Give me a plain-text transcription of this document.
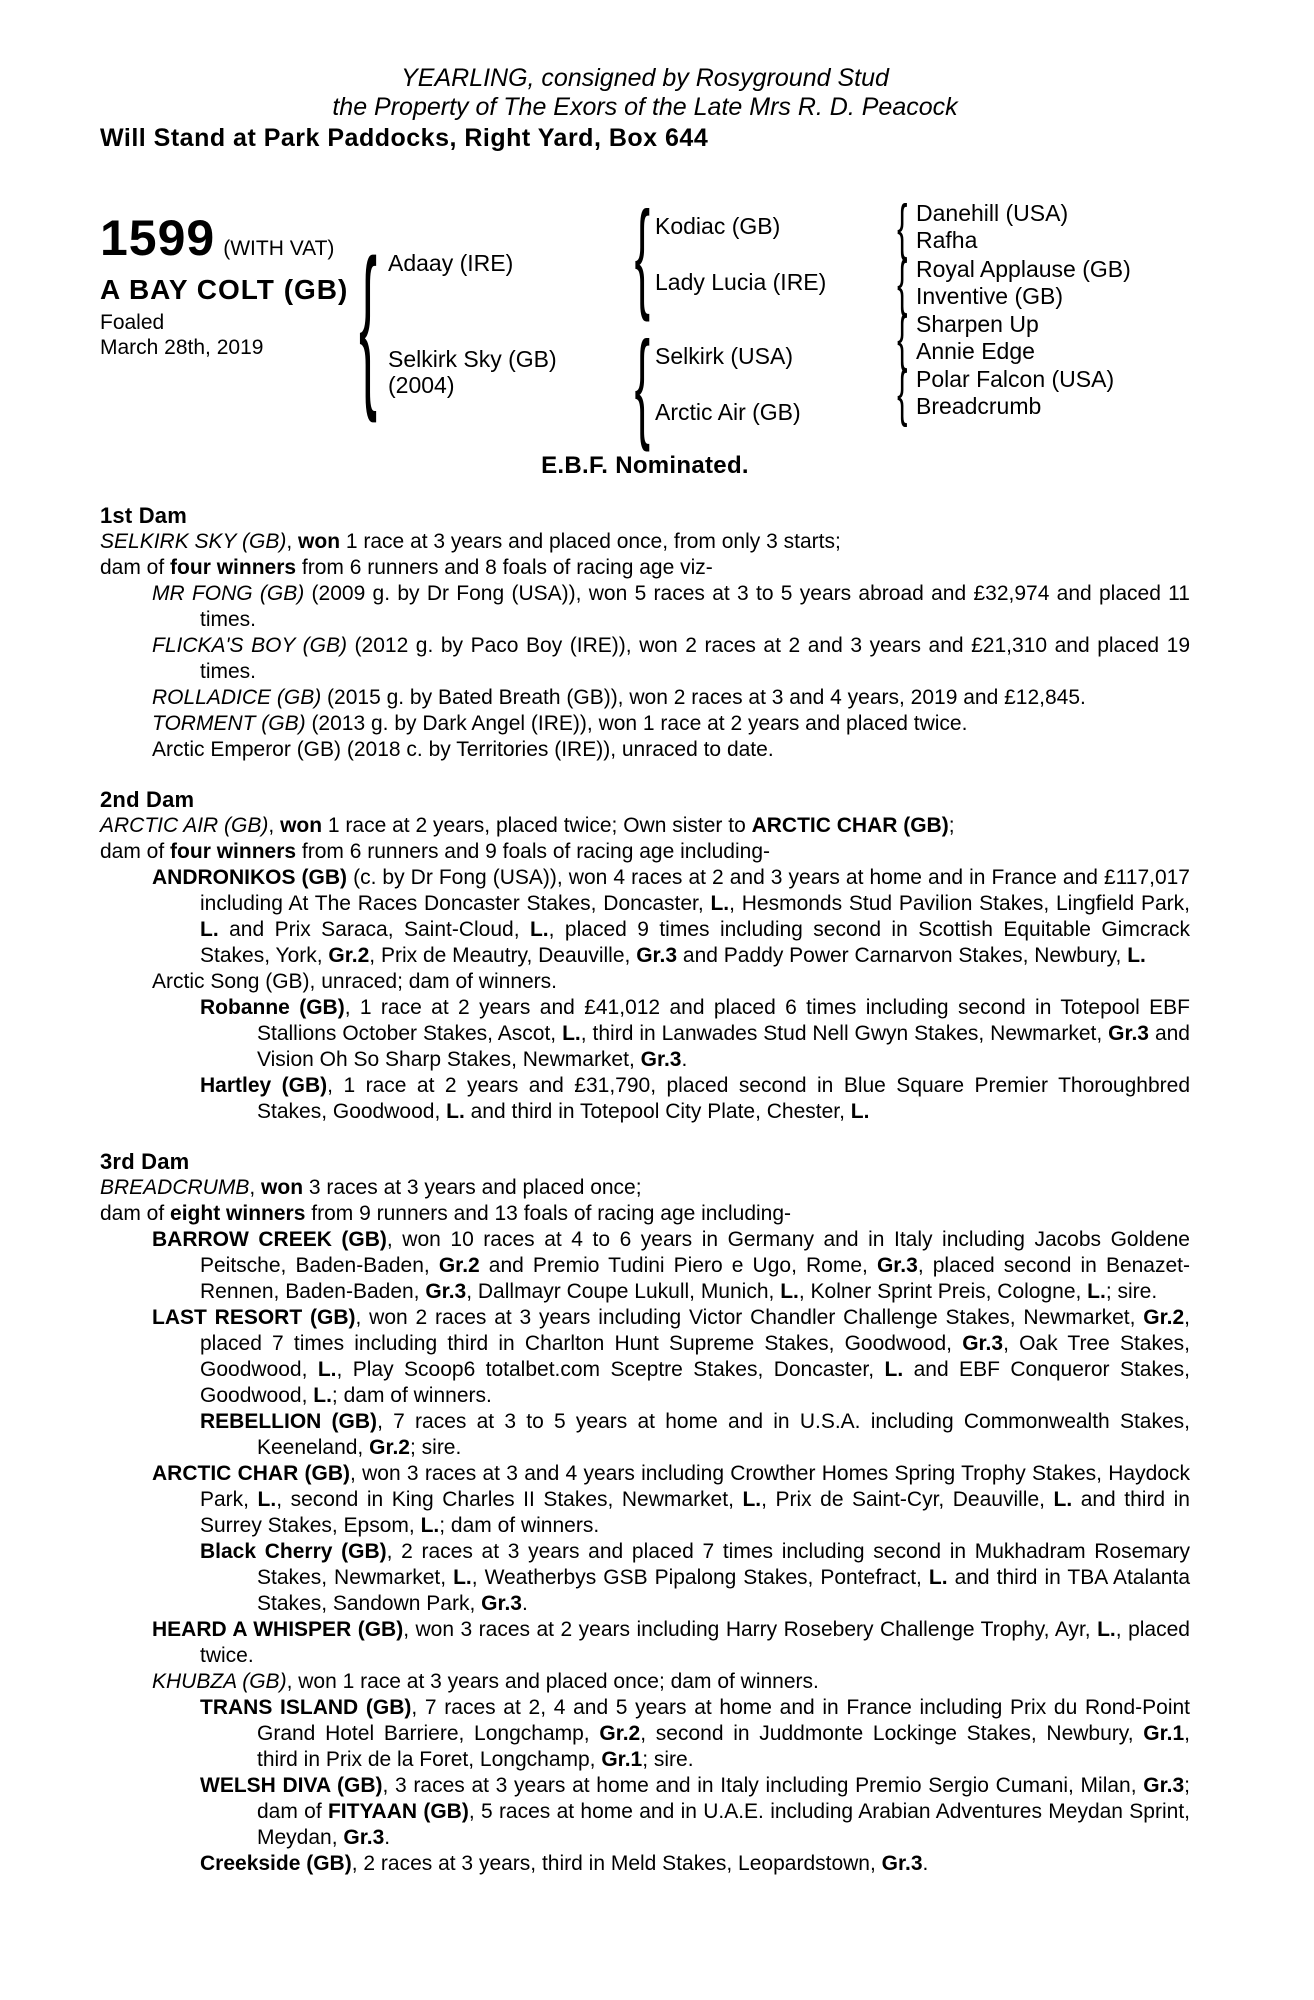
YEARLING, consigned by Rosyground Stud
the Property of The Exors of the Late Mrs R. D. Peacock
Will Stand at Park Paddocks, Right Yard, Box 644
1599 (WITH VAT)
A BAY COLT (GB)
Foaled
March 28th, 2019 { Adaay (IRE)
Selkirk Sky (GB)
(2004)
{ Kodiac (GB)
Lady Lucia (IRE)
{ Selkirk (USA)
Arctic Air (GB)
{ Danehill (USA)
Rafha
{ Royal Applause (GB)
Inventive (GB)
{ Sharpen Up
Annie Edge
{ Polar Falcon (USA)
Breadcrumb
E.B.F. Nominated.
1st Dam

SELKIRK SKY (GB), won 1 race at 3 years and placed once, from only 3 starts;

dam of four winners from 6 runners and 8 foals of racing age viz-

MR FONG (GB) (2009 g. by Dr Fong (USA)), won 5 races at 3 to 5 years abroad and £32,974 and placed 11 times.

FLICKA'S BOY (GB) (2012 g. by Paco Boy (IRE)), won 2 races at 2 and 3 years and £21,310 and placed 19 times.

ROLLADICE (GB) (2015 g. by Bated Breath (GB)), won 2 races at 3 and 4 years, 2019 and £12,845.

TORMENT (GB) (2013 g. by Dark Angel (IRE)), won 1 race at 2 years and placed twice.

Arctic Emperor (GB) (2018 c. by Territories (IRE)), unraced to date.

2nd Dam

ARCTIC AIR (GB), won 1 race at 2 years, placed twice; Own sister to ARCTIC CHAR (GB);

dam of four winners from 6 runners and 9 foals of racing age including-

ANDRONIKOS (GB) (c. by Dr Fong (USA)), won 4 races at 2 and 3 years at home and in France and £117,017 including At The Races Doncaster Stakes, Doncaster, L., Hesmonds Stud Pavilion Stakes, Lingfield Park, L. and Prix Saraca, Saint-Cloud, L., placed 9 times including second in Scottish Equitable Gimcrack Stakes, York, Gr.2, Prix de Meautry, Deauville, Gr.3 and Paddy Power Carnarvon Stakes, Newbury, L.

Arctic Song (GB), unraced; dam of winners.

Robanne (GB), 1 race at 2 years and £41,012 and placed 6 times including second in Totepool EBF Stallions October Stakes, Ascot, L., third in Lanwades Stud Nell Gwyn Stakes, Newmarket, Gr.3 and Vision Oh So Sharp Stakes, Newmarket, Gr.3.

Hartley (GB), 1 race at 2 years and £31,790, placed second in Blue Square Premier Thoroughbred Stakes, Goodwood, L. and third in Totepool City Plate, Chester, L.

3rd Dam

BREADCRUMB, won 3 races at 3 years and placed once;

dam of eight winners from 9 runners and 13 foals of racing age including-

BARROW CREEK (GB), won 10 races at 4 to 6 years in Germany and in Italy including Jacobs Goldene Peitsche, Baden-Baden, Gr.2 and Premio Tudini Piero e Ugo, Rome, Gr.3, placed second in Benazet-Rennen, Baden-Baden, Gr.3, Dallmayr Coupe Lukull, Munich, L., Kolner Sprint Preis, Cologne, L.; sire.

LAST RESORT (GB), won 2 races at 3 years including Victor Chandler Challenge Stakes, Newmarket, Gr.2, placed 7 times including third in Charlton Hunt Supreme Stakes, Goodwood, Gr.3, Oak Tree Stakes, Goodwood, L., Play Scoop6 totalbet.com Sceptre Stakes, Doncaster, L. and EBF Conqueror Stakes, Goodwood, L.; dam of winners.

REBELLION (GB), 7 races at 3 to 5 years at home and in U.S.A. including Commonwealth Stakes, Keeneland, Gr.2; sire.

ARCTIC CHAR (GB), won 3 races at 3 and 4 years including Crowther Homes Spring Trophy Stakes, Haydock Park, L., second in King Charles II Stakes, Newmarket, L., Prix de Saint-Cyr, Deauville, L. and third in Surrey Stakes, Epsom, L.; dam of winners.

Black Cherry (GB), 2 races at 3 years and placed 7 times including second in Mukhadram Rosemary Stakes, Newmarket, L., Weatherbys GSB Pipalong Stakes, Pontefract, L. and third in TBA Atalanta Stakes, Sandown Park, Gr.3.

HEARD A WHISPER (GB), won 3 races at 2 years including Harry Rosebery Challenge Trophy, Ayr, L., placed twice.

KHUBZA (GB), won 1 race at 3 years and placed once; dam of winners.

TRANS ISLAND (GB), 7 races at 2, 4 and 5 years at home and in France including Prix du Rond-Point Grand Hotel Barriere, Longchamp, Gr.2, second in Juddmonte Lockinge Stakes, Newbury, Gr.1, third in Prix de la Foret, Longchamp, Gr.1; sire.

WELSH DIVA (GB), 3 races at 3 years at home and in Italy including Premio Sergio Cumani, Milan, Gr.3; dam of FITYAAN (GB), 5 races at home and in U.A.E. including Arabian Adventures Meydan Sprint, Meydan, Gr.3.

Creekside (GB), 2 races at 3 years, third in Meld Stakes, Leopardstown, Gr.3.
